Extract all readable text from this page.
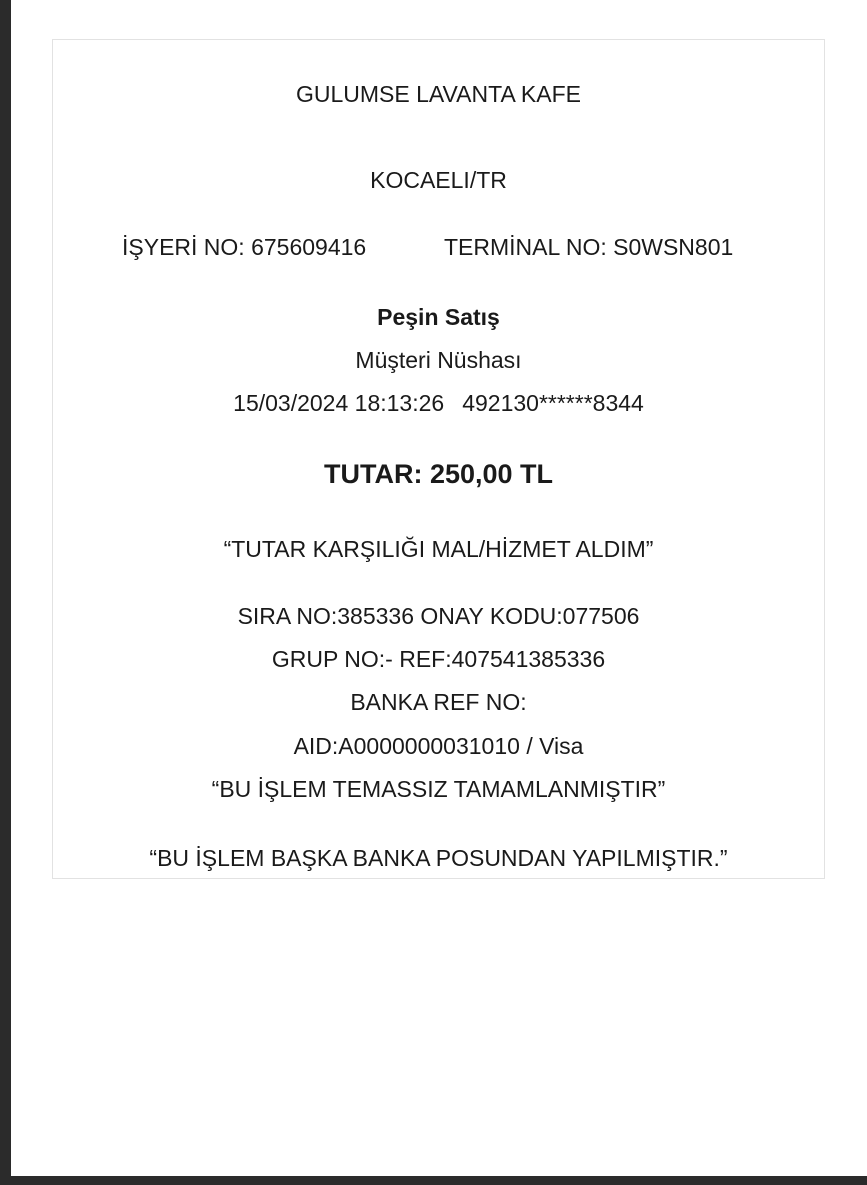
GULUMSE LAVANTA KAFE
KOCAELI/TR
İŞYERİ NO: 675609416	TERMİNAL NO: S0WSN801
Peşin Satış
Müşteri Nüshası
15/03/2024 18:13:26 492130******8344
TUTAR: 250,00 TL
“TUTAR KARŞILIĞI MAL/HİZMET ALDIM”
SIRA NO:385336 ONAY KODU:077506
GRUP NO:- REF:407541385336
BANKA REF NO:
AID:A0000000031010 / Visa
“BU İŞLEM TEMASSIZ TAMAMLANMIŞTIR”
“BU İŞLEM BAŞKA BANKA POSUNDAN YAPILMIŞTIR.”
